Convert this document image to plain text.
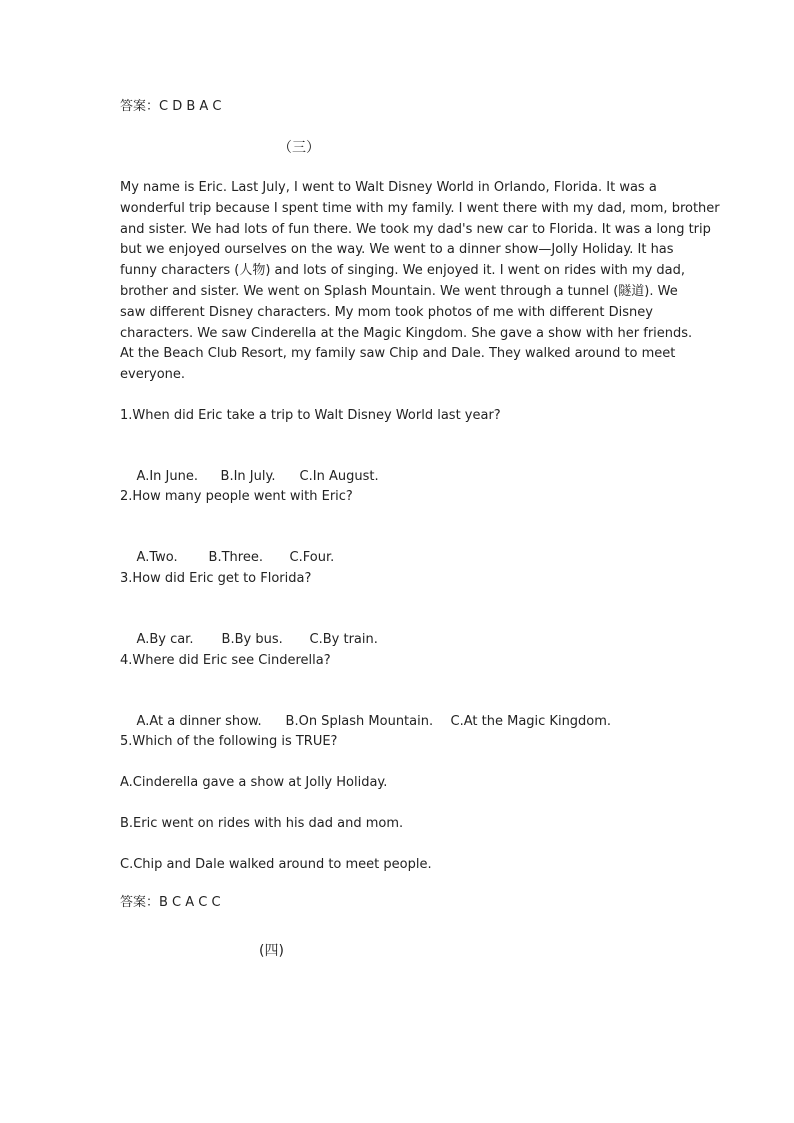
答案：C D B A C
（三）
My name is Eric. Last July, I went to Walt Disney World in Orlando, Florida. It was a
wonderful trip because I spent time with my family. I went there with my dad, mom, brother
and sister. We had lots of fun there. We took my dad's new car to Florida. It was a long trip
but we enjoyed ourselves on the way. We went to a dinner show—Jolly Holiday. It has
funny characters (人物) and lots of singing. We enjoyed it. I went on rides with my dad,
brother and sister. We went on Splash Mountain. We went through a tunnel (隧道). We
saw different Disney characters. My mom took photos of me with different Disney
characters. We saw Cinderella at the Magic Kingdom. She gave a show with her friends.
At the Beach Club Resort, my family saw Chip and Dale. They walked around to meet
everyone.
1.When did Eric take a trip to Walt Disney World last year?

A.In June. B.In July. C.In August.

2.How many people went with Eric?

A.Two. B.Three. C.Four.

3.How did Eric get to Florida?

A.By car. B.By bus. C.By train.

4.Where did Eric see Cinderella?

A.At a dinner show. B.On Splash Mountain. C.At the Magic Kingdom.

5.Which of the following is TRUE?
A.Cinderella gave a show at Jolly Holiday.
B.Eric went on rides with his dad and mom.
C.Chip and Dale walked around to meet people.
答案：B C A C C
(四)
